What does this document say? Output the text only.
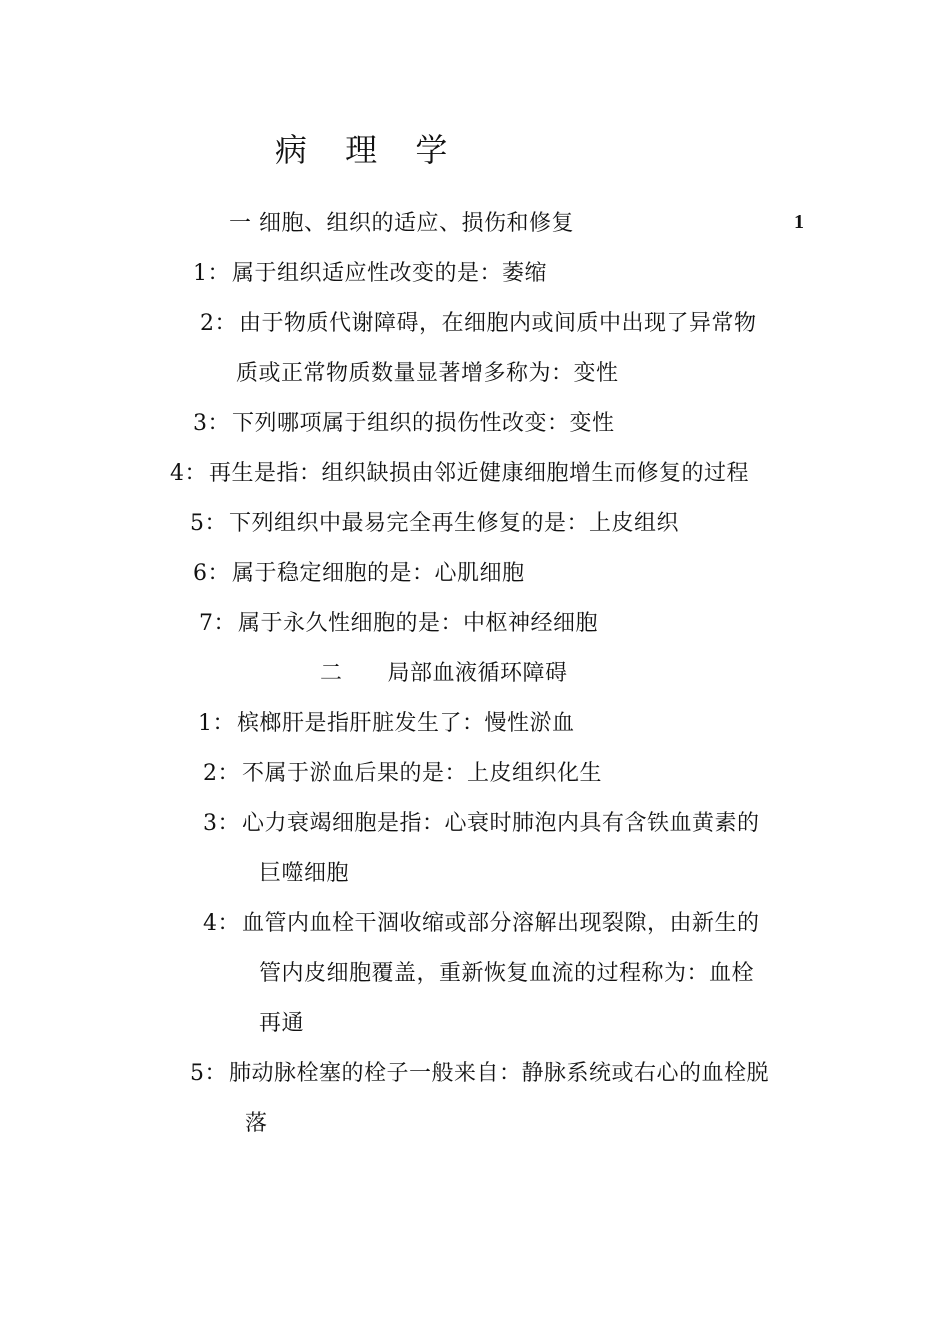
病 理 学
一 细胞、组织的适应、损伤和修复	1
1：属于组织适应性改变的是：萎缩
2：由于物质代谢障碍，在细胞内或间质中出现了异常物
质或正常物质数量显著增多称为：变性
3：下列哪项属于组织的损伤性改变：变性
4：再生是指：组织缺损由邻近健康细胞增生而修复的过程
5：下列组织中最易完全再生修复的是：上皮组织
6：属于稳定细胞的是：心肌细胞
7：属于永久性细胞的是：中枢神经细胞
二      局部血液循环障碍
1：槟榔肝是指肝脏发生了：慢性淤血
2：不属于淤血后果的是：上皮组织化生
3：心力衰竭细胞是指：心衰时肺泡内具有含铁血黄素的
巨噬细胞
4：血管内血栓干涸收缩或部分溶解出现裂隙，由新生的
管内皮细胞覆盖，重新恢复血流的过程称为：血栓
再通
5：肺动脉栓塞的栓子一般来自：静脉系统或右心的血栓脱
落
